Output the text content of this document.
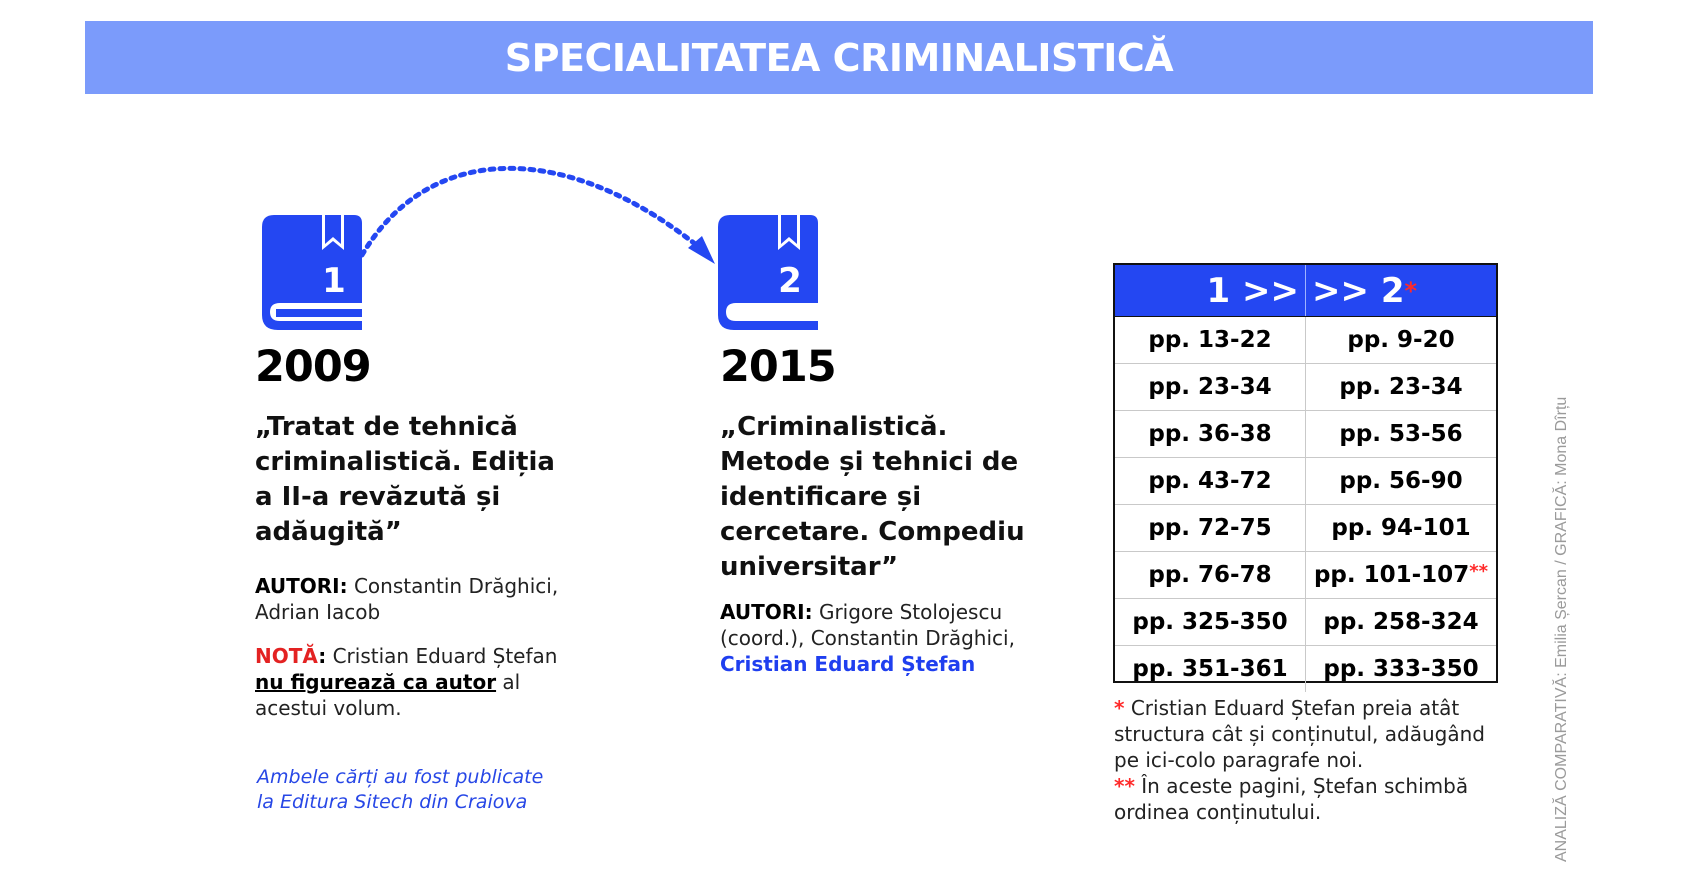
SPECIALITATEA CRIMINALISTICĂ
1	2
2009	2015
„Tratat de tehnică
criminalistică. Ediția
a II-a revăzută și
adăugită”
„Criminalistică.
Metode și tehnici de
identificare și
cercetare. Compediu
universitar”
AUTORI: Constantin Drăghici,
Adrian Iacob
NOTĂ: Cristian Eduard Ștefan
nu figurează ca autor al
acestui volum.
AUTORI: Grigore Stolojescu
(coord.), Constantin Drăghici,
Cristian Eduard Ștefan
Ambele cărți au fost publicate
la Editura Sitech din Craiova
1 >> >> 2 *
pp. 13-22	pp. 9-20
pp. 23-34	pp. 23-34
pp. 36-38	pp. 53-56
pp. 43-72	pp. 56-90
pp. 72-75	pp. 94-101
pp. 76-78	pp. 101-107 **
pp. 325-350	pp. 258-324
pp. 351-361	pp. 333-350
* Cristian Eduard Ștefan preia atât structura cât și conținutul, adăugând pe ici-colo paragrafe noi.
** În aceste pagini, Ștefan schimbă ordinea conținutului.	ANALIZĂ COMPARATIVĂ: Emilia Șercan / GRAFICĂ: Mona Dîrțu
